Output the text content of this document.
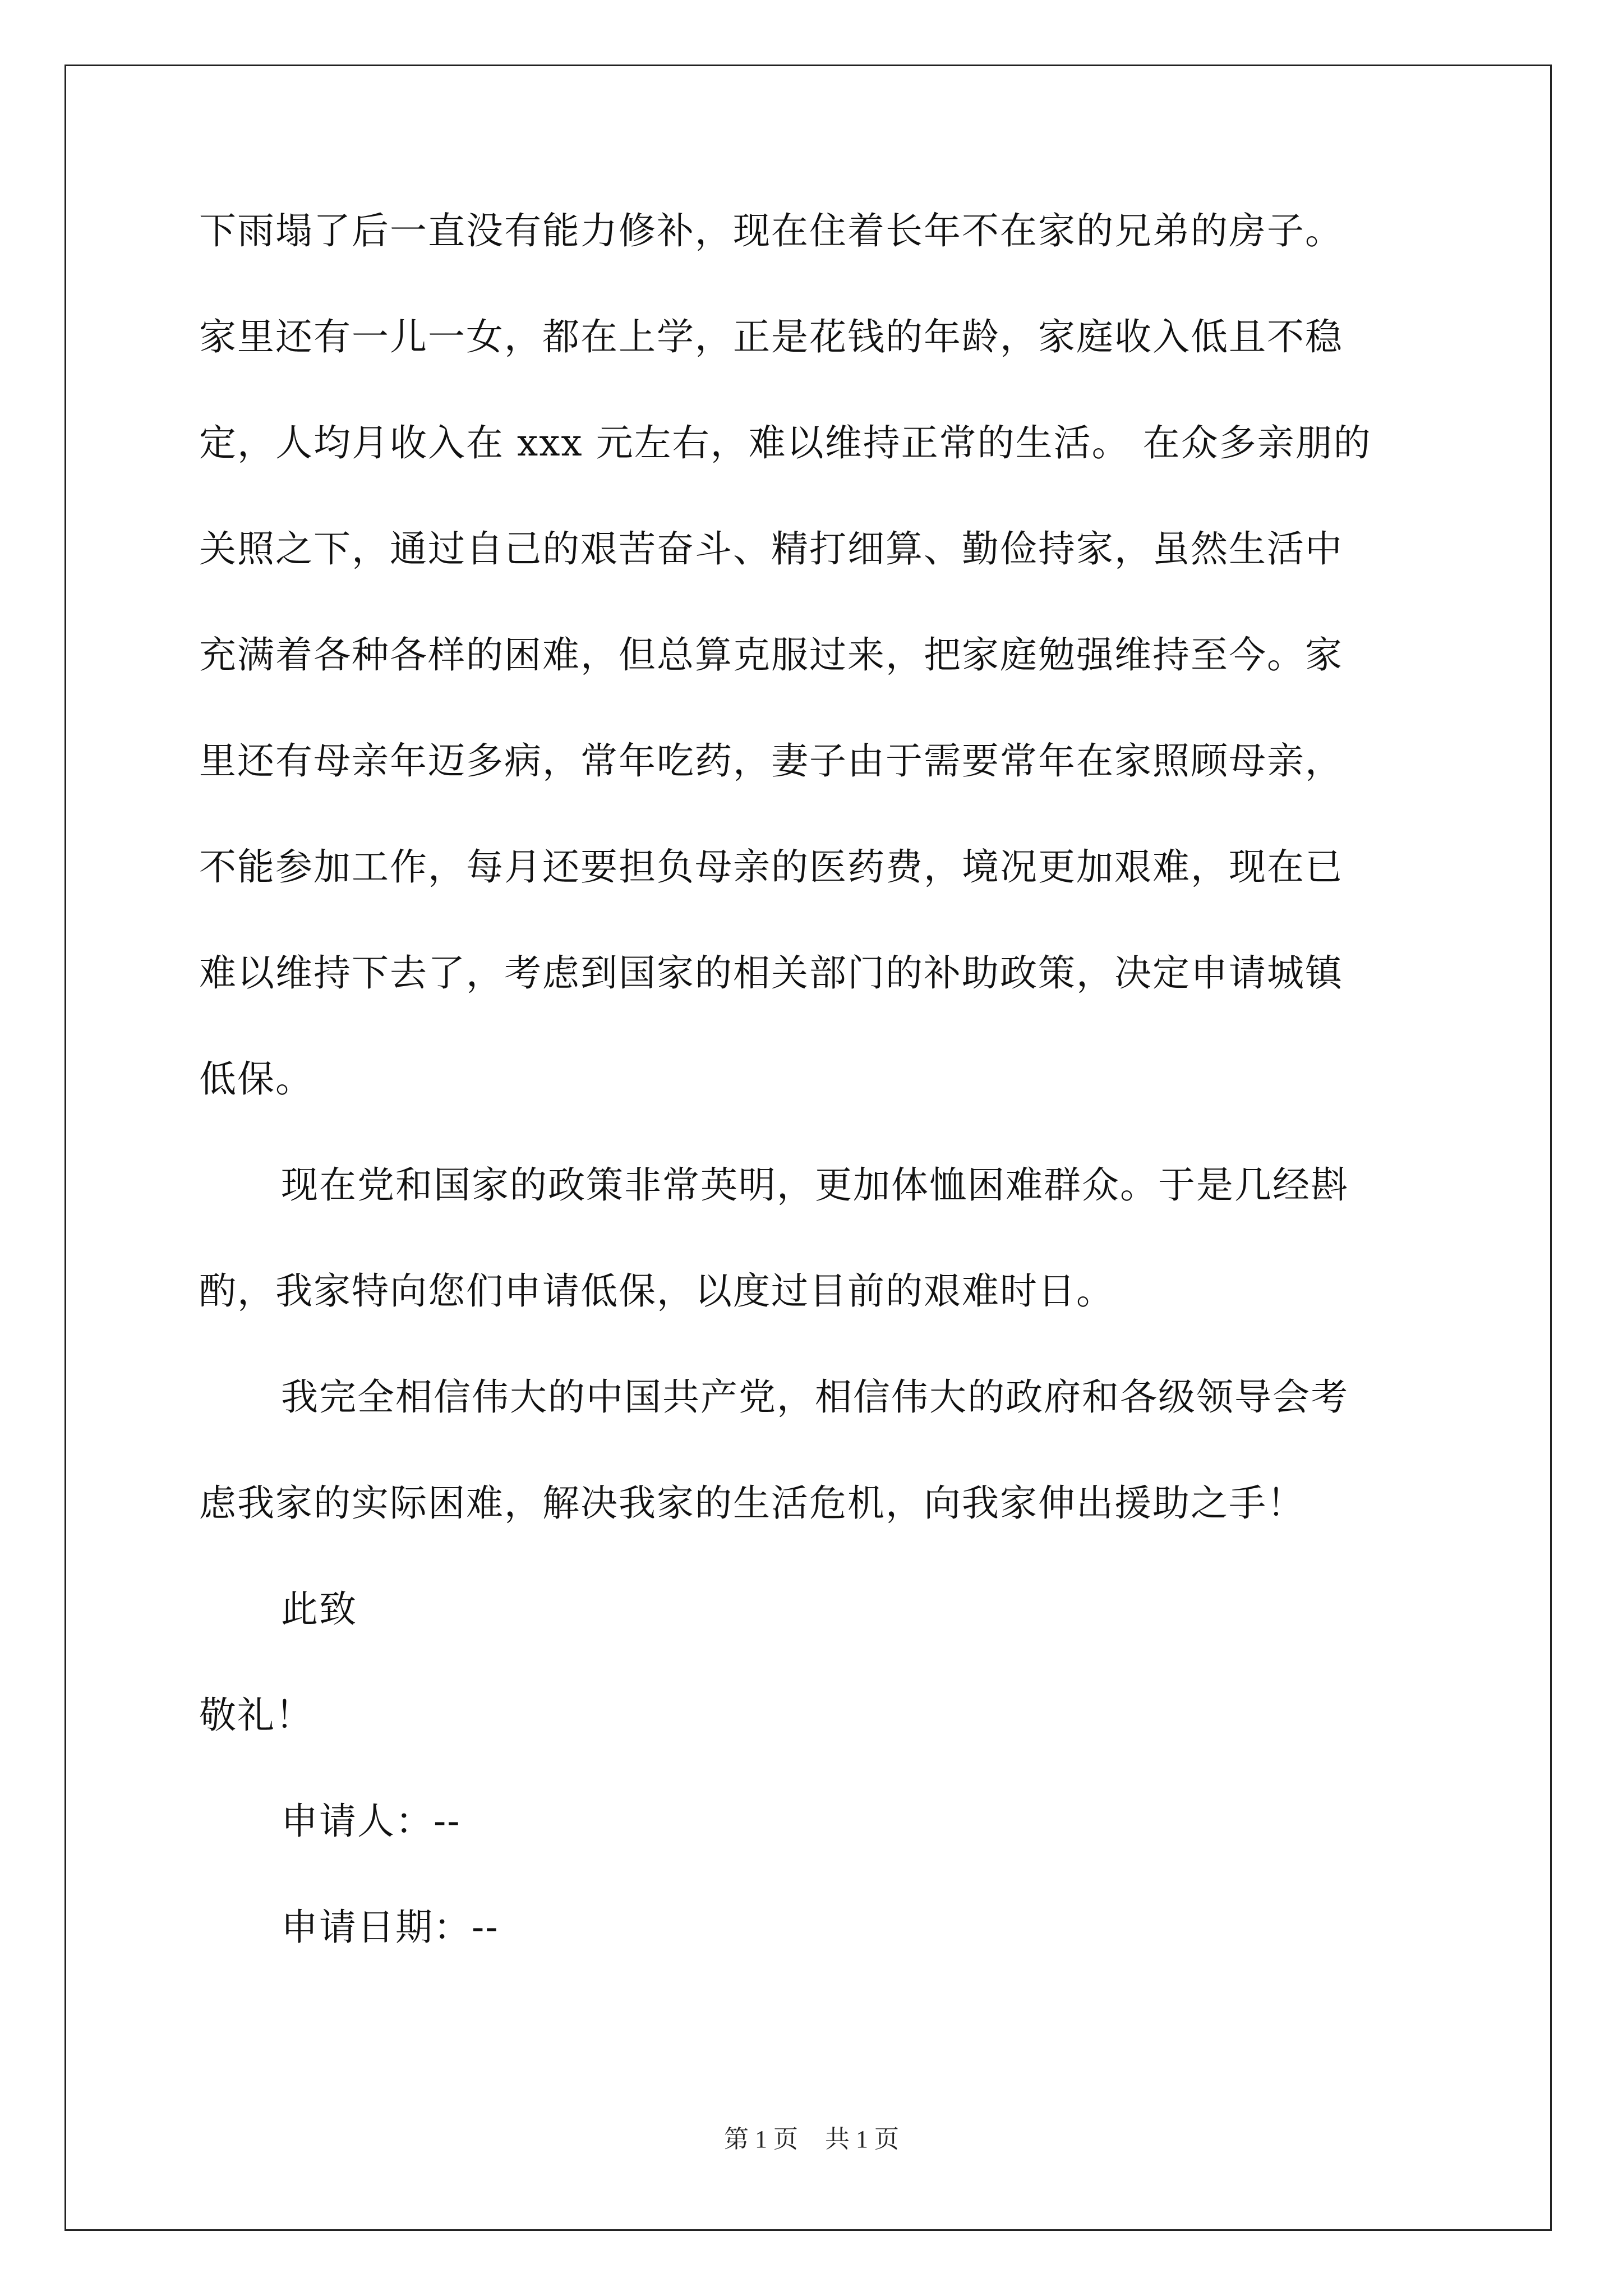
下雨塌了后一直没有能力修补，现在住着长年不在家的兄弟的房子。
家里还有一儿一女，都在上学，正是花钱的年龄，家庭收入低且不稳
定，人均月收入在 xxx 元左右，难以维持正常的生活。 在众多亲朋的
关照之下，通过自己的艰苦奋斗、精打细算、勤俭持家，虽然生活中
充满着各种各样的困难，但总算克服过来，把家庭勉强维持至今。家
里还有母亲年迈多病，常年吃药，妻子由于需要常年在家照顾母亲，
不能参加工作，每月还要担负母亲的医药费，境况更加艰难，现在已
难以维持下去了，考虑到国家的相关部门的补助政策，决定申请城镇
低保。
现在党和国家的政策非常英明，更加体恤困难群众。于是几经斟
酌，我家特向您们申请低保，以度过目前的艰难时日。
我完全相信伟大的中国共产党，相信伟大的政府和各级领导会考
虑我家的实际困难，解决我家的生活危机，向我家伸出援助之手！
此致
敬礼！
申请人：--
申请日期：--
第 1 页 共 1 页
